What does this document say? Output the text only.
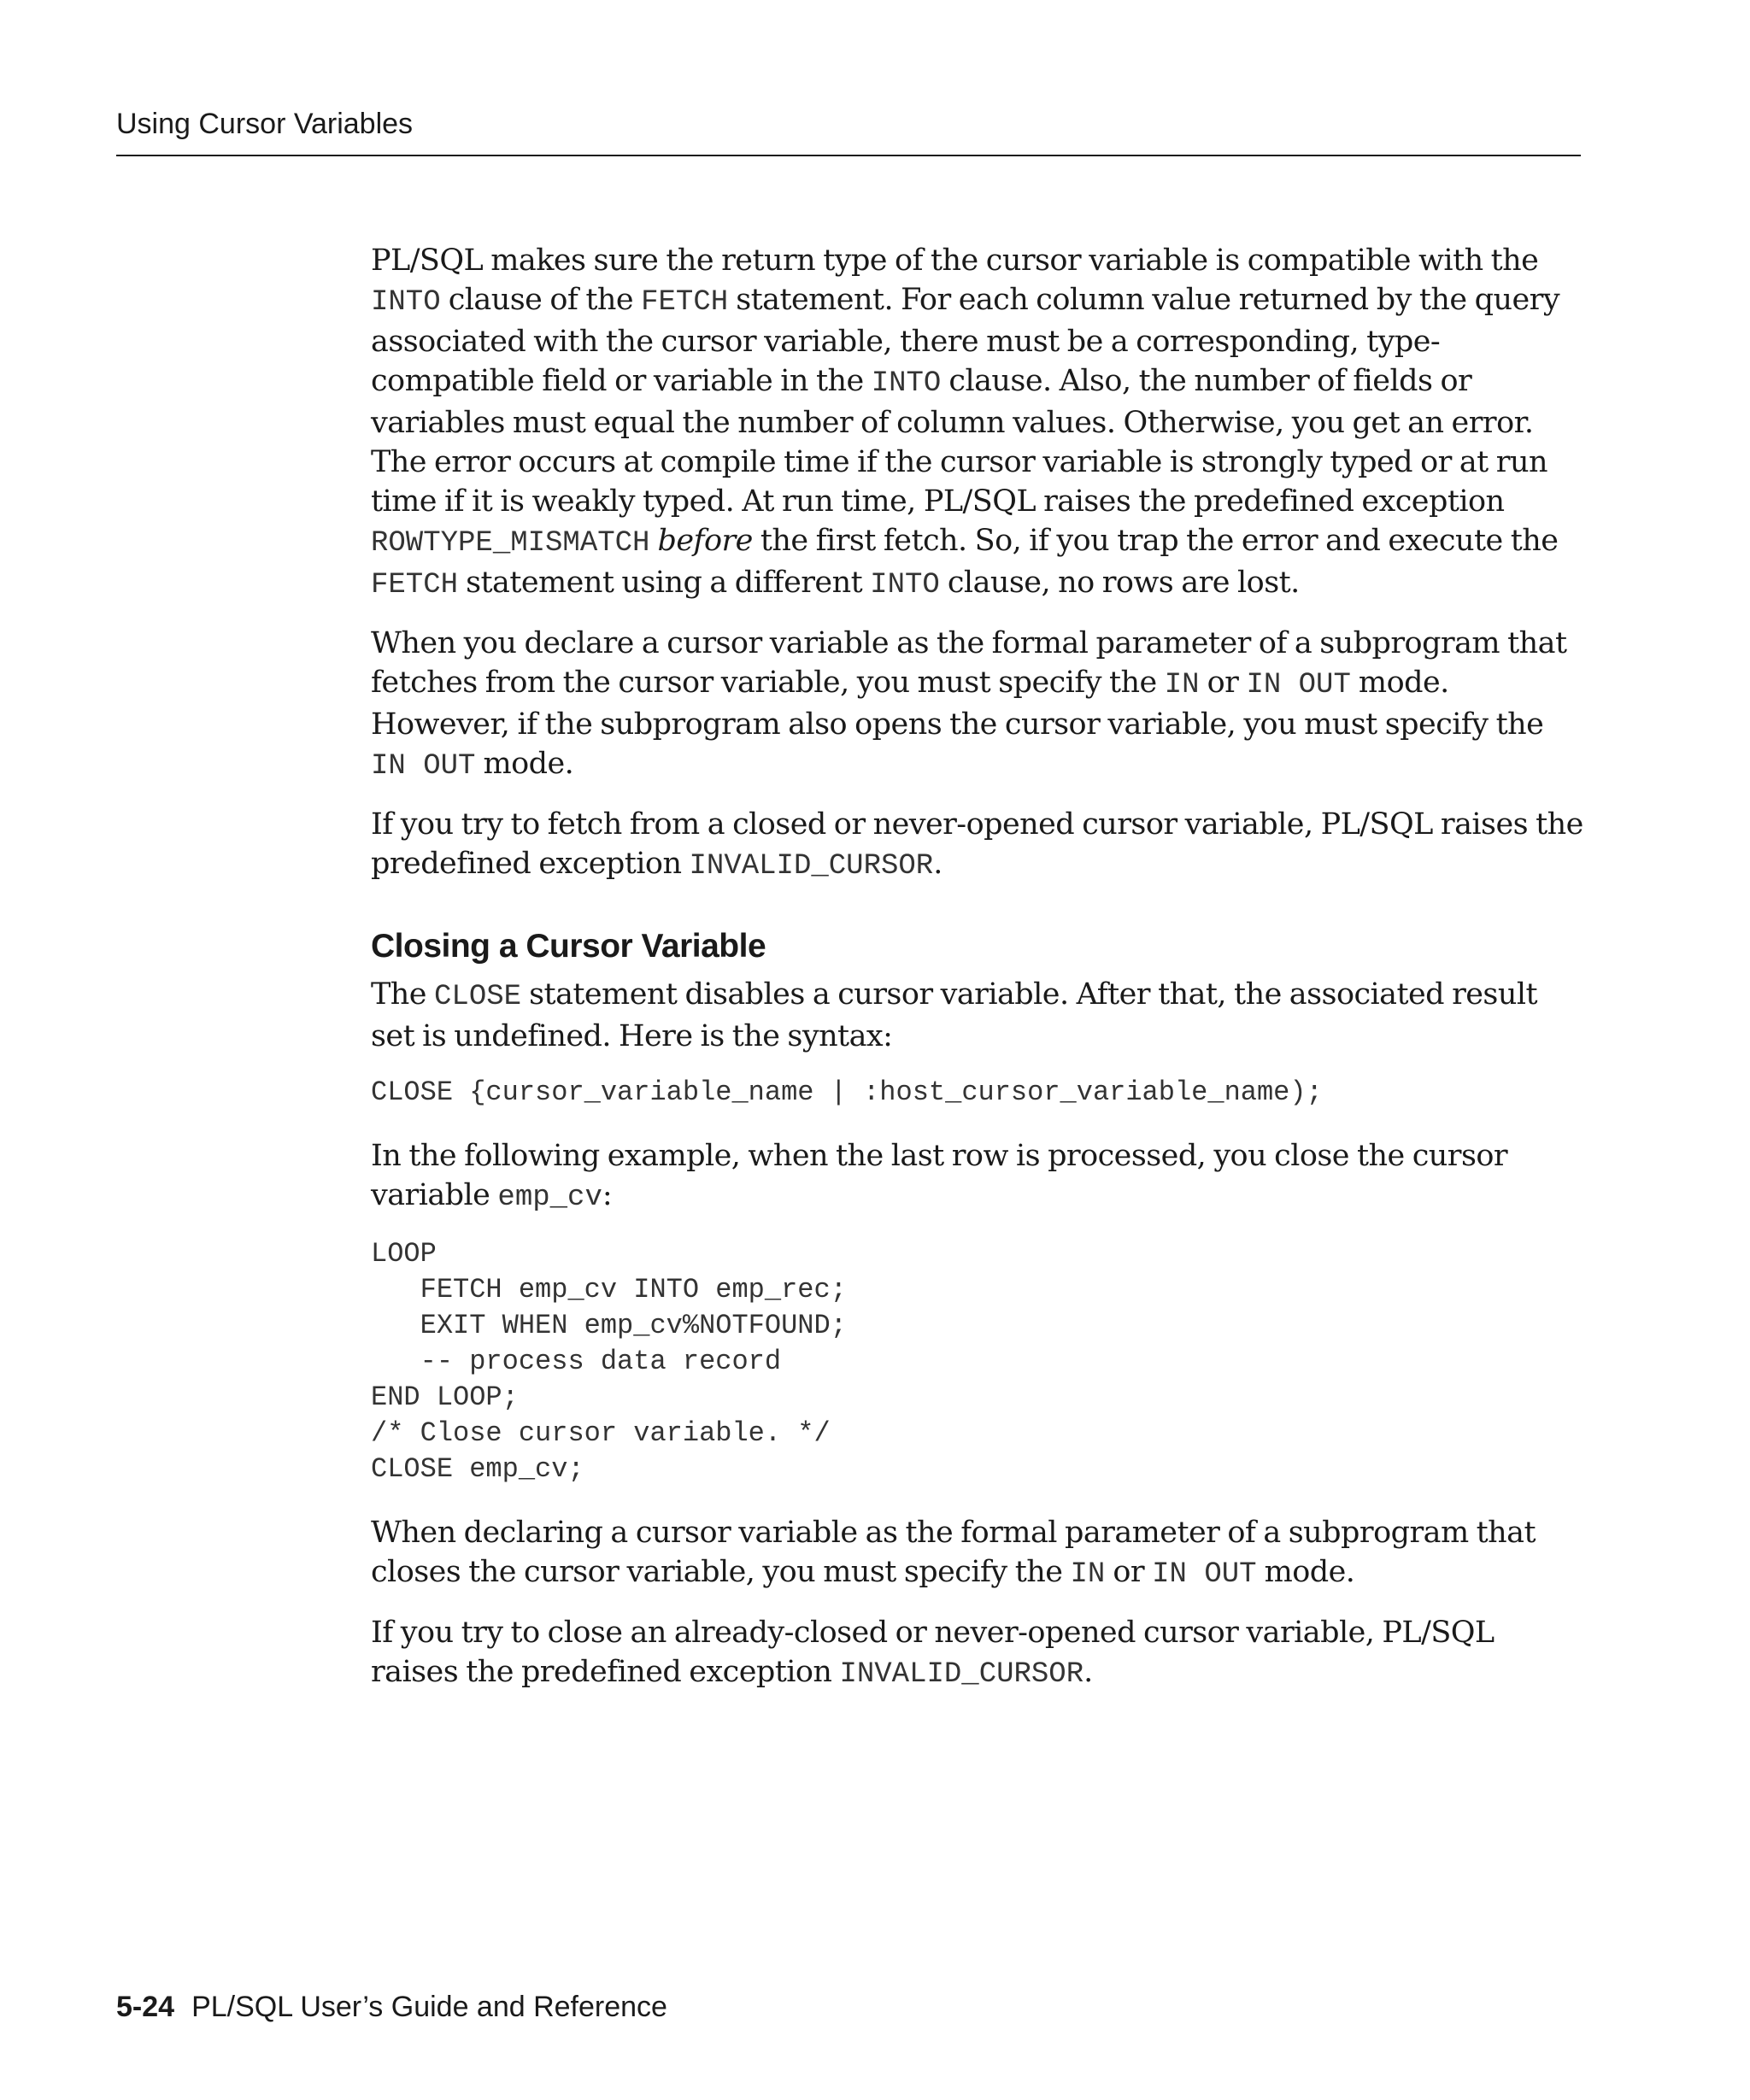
Using Cursor Variables

PL/SQL makes sure the return type of the cursor variable is compatible with the INTO clause of the FETCH statement. For each column value returned by the query associated with the cursor variable, there must be a corresponding, type-compatible field or variable in the INTO clause. Also, the number of fields or variables must equal the number of column values. Otherwise, you get an error. The error occurs at compile time if the cursor variable is strongly typed or at run time if it is weakly typed. At run time, PL/SQL raises the predefined exception ROWTYPE_MISMATCH before the first fetch. So, if you trap the error and execute the FETCH statement using a different INTO clause, no rows are lost.

When you declare a cursor variable as the formal parameter of a subprogram that fetches from the cursor variable, you must specify the IN or IN OUT mode. However, if the subprogram also opens the cursor variable, you must specify the IN OUT mode.

If you try to fetch from a closed or never-opened cursor variable, PL/SQL raises the predefined exception INVALID_CURSOR.

Closing a Cursor Variable

The CLOSE statement disables a cursor variable. After that, the associated result set is undefined. Here is the syntax:

CLOSE {cursor_variable_name | :host_cursor_variable_name);

In the following example, when the last row is processed, you close the cursor variable emp_cv:

LOOP
FETCH emp_cv INTO emp_rec;
EXIT WHEN emp_cv%NOTFOUND;
-- process data record
END LOOP;
/* Close cursor variable. */
CLOSE emp_cv;

When declaring a cursor variable as the formal parameter of a subprogram that closes the cursor variable, you must specify the IN or IN OUT mode.

If you try to close an already-closed or never-opened cursor variable, PL/SQL raises the predefined exception INVALID_CURSOR.

5-24 PL/SQL User’s Guide and Reference
